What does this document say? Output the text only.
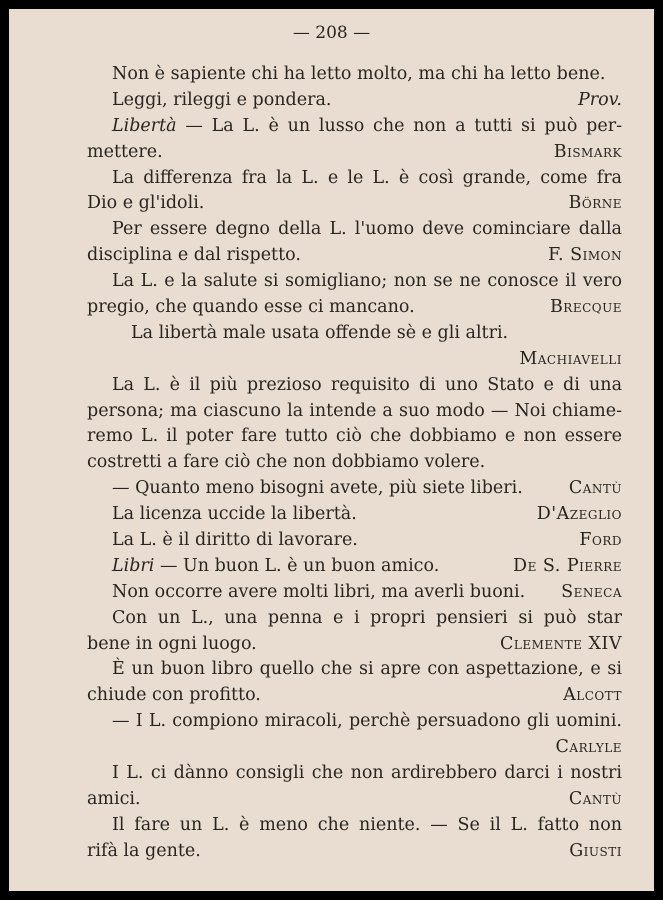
— 208 —
Non è sapiente chi ha letto molto, ma chi ha letto bene.
Leggi, rileggi e pondera.	Prov.
Libertà — La L. è un lusso che non a tutti si può per-
mettere.	Bismark
La differenza fra la L. e le L. è così grande, come fra
Dio e gl'idoli.	Börne
Per essere degno della L. l'uomo deve cominciare dalla
disciplina e dal rispetto.	F. Simon
La L. e la salute si somigliano; non se ne conosce il vero
pregio, che quando esse ci mancano.	Brecque
La libertà male usata offende sè e gli altri.
Machiavelli
La L. è il più prezioso requisito di uno Stato e di una
persona; ma ciascuno la intende a suo modo — Noi chiame-
remo L. il poter fare tutto ciò che dobbiamo e non essere
costretti a fare ciò che non dobbiamo volere.
— Quanto meno bisogni avete, più siete liberi.	Cantù
La licenza uccide la libertà.	D'Azeglio
La L. è il diritto di lavorare.	Ford
Libri — Un buon L. è un buon amico.	De S. Pierre
Non occorre avere molti libri, ma averli buoni. Seneca
Con un L., una penna e i propri pensieri si può star
bene in ogni luogo.	Clemente XIV
È un buon libro quello che si apre con aspettazione, e si
chiude con profitto.	Alcott
— I L. compiono miracoli, perchè persuadono gli uomini.
Carlyle
I L. ci dànno consigli che non ardirebbero darci i nostri
amici.	Cantù
Il fare un L. è meno che niente. — Se il L. fatto non
rifà la gente.	Giusti
